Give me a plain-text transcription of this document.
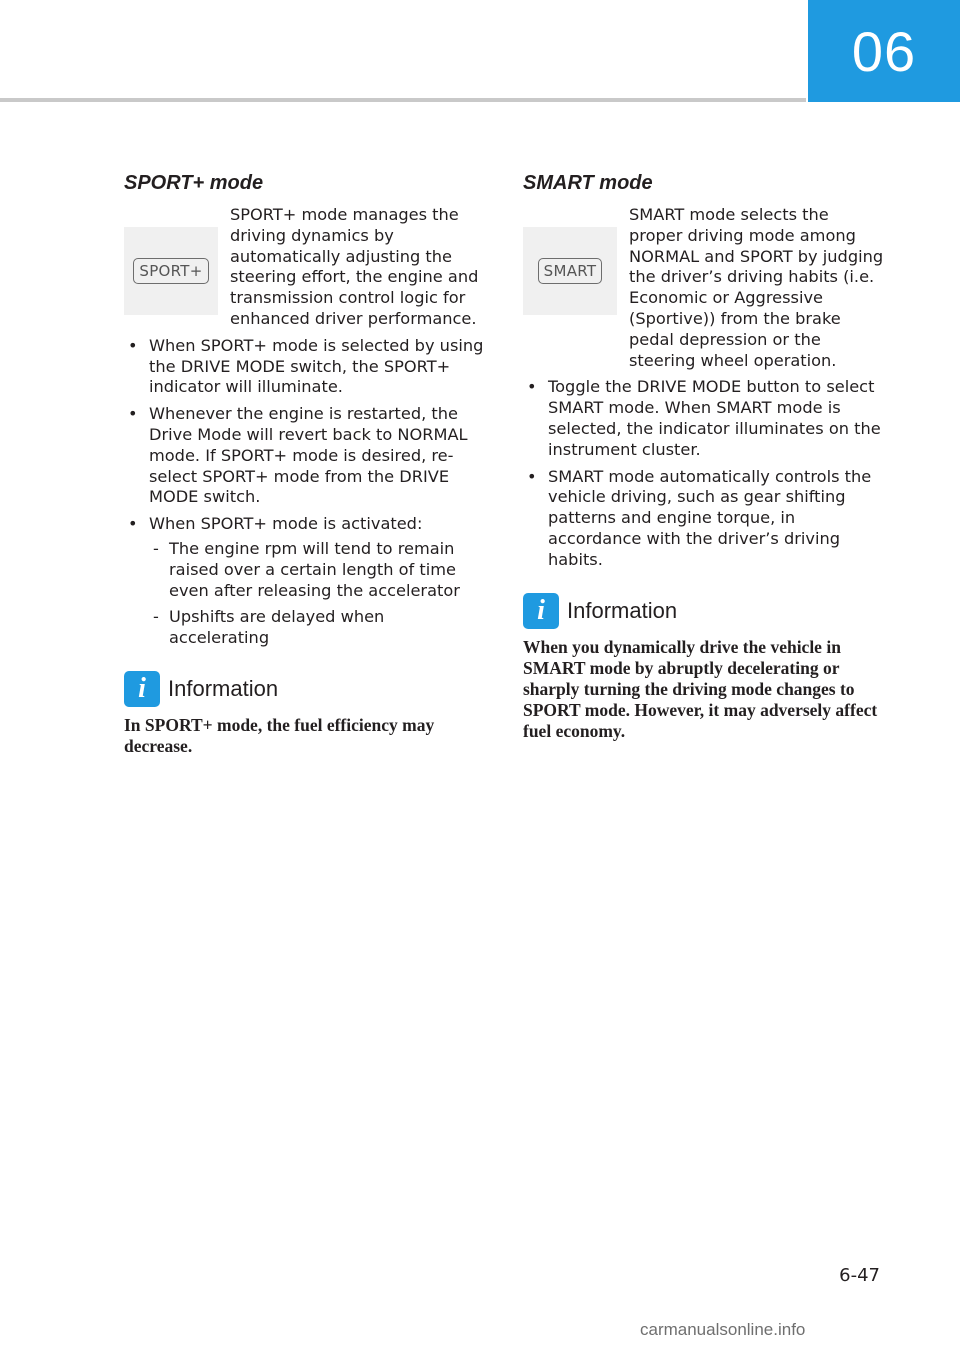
06
SPORT+ mode
SPORT+
SPORT+ mode manages the driving dynamics by automatically adjusting the steering effort, the engine and transmission control logic for enhanced driver performance.
• When SPORT+ mode is selected by using the DRIVE MODE switch, the SPORT+ indicator will illuminate.
• Whenever the engine is restarted, the Drive Mode will revert back to NORMAL mode. If SPORT+ mode is desired, re-select SPORT+ mode from the DRIVE MODE switch.
• When SPORT+ mode is activated:
- The engine rpm will tend to remain raised over a certain length of time even after releasing the accelerator
- Upshifts are delayed when accelerating
i	Information
In SPORT+ mode, the fuel efficiency may decrease.
SMART mode
SMART
SMART mode selects the proper driving mode among NORMAL and SPORT by judging the driver’s driving habits (i.e. Economic or Aggressive (Sportive)) from the brake pedal depression or the steering wheel operation.
• Toggle the DRIVE MODE button to select SMART mode. When SMART mode is selected, the indicator illuminates on the instrument cluster.
• SMART mode automatically controls the vehicle driving, such as gear shifting patterns and engine torque, in accordance with the driver’s driving habits.
i	Information
When you dynamically drive the vehicle in SMART mode by abruptly decelerating or sharply turning the driving mode changes to SPORT mode. However, it may adversely affect fuel economy.
6-47
carmanualsonline.info
